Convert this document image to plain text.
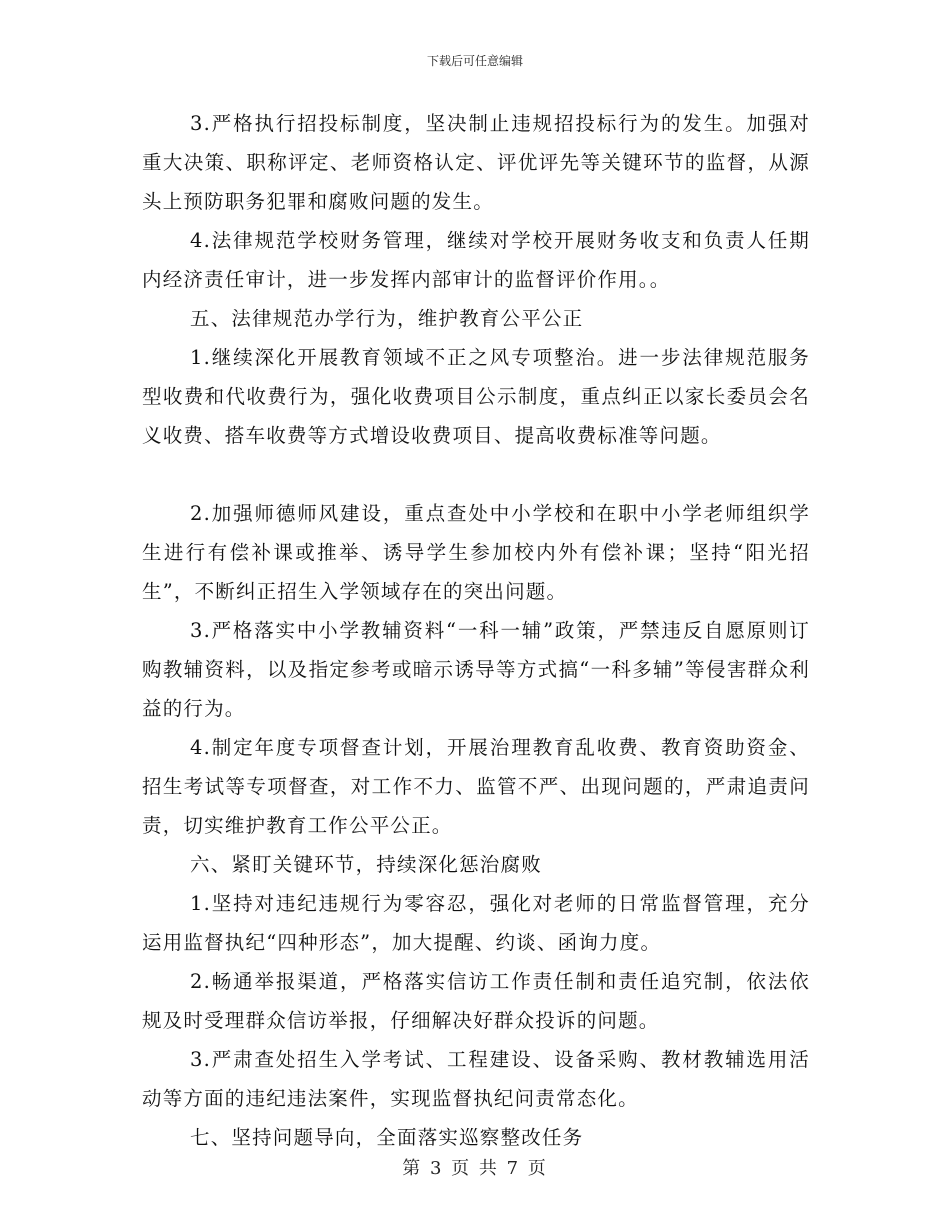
下载后可任意编辑

3.严格执行招投标制度，坚决制止违规招投标行为的发生。加强对重大决策、职称评定、老师资格认定、评优评先等关键环节的监督，从源头上预防职务犯罪和腐败问题的发生。

4.法律规范学校财务管理，继续对学校开展财务收支和负责人任期内经济责任审计，进一步发挥内部审计的监督评价作用。。

五、法律规范办学行为，维护教育公平公正

1.继续深化开展教育领域不正之风专项整治。进一步法律规范服务型收费和代收费行为，强化收费项目公示制度，重点纠正以家长委员会名义收费、搭车收费等方式增设收费项目、提高收费标准等问题。

2.加强师德师风建设，重点查处中小学校和在职中小学老师组织学生进行有偿补课或推举、诱导学生参加校内外有偿补课；坚持“阳光招生”，不断纠正招生入学领域存在的突出问题。

3.严格落实中小学教辅资料“一科一辅”政策，严禁违反自愿原则订购教辅资料，以及指定参考或暗示诱导等方式搞“一科多辅”等侵害群众利益的行为。

4.制定年度专项督查计划，开展治理教育乱收费、教育资助资金、招生考试等专项督查，对工作不力、监管不严、出现问题的，严肃追责问责，切实维护教育工作公平公正。

六、紧盯关键环节，持续深化惩治腐败

1.坚持对违纪违规行为零容忍，强化对老师的日常监督管理，充分运用监督执纪“四种形态”，加大提醒、约谈、函询力度。

2.畅通举报渠道，严格落实信访工作责任制和责任追究制，依法依规及时受理群众信访举报，仔细解决好群众投诉的问题。

3.严肃查处招生入学考试、工程建设、设备采购、教材教辅选用活动等方面的违纪违法案件，实现监督执纪问责常态化。

七、坚持问题导向，全面落实巡察整改任务

第 3 页 共 7 页
